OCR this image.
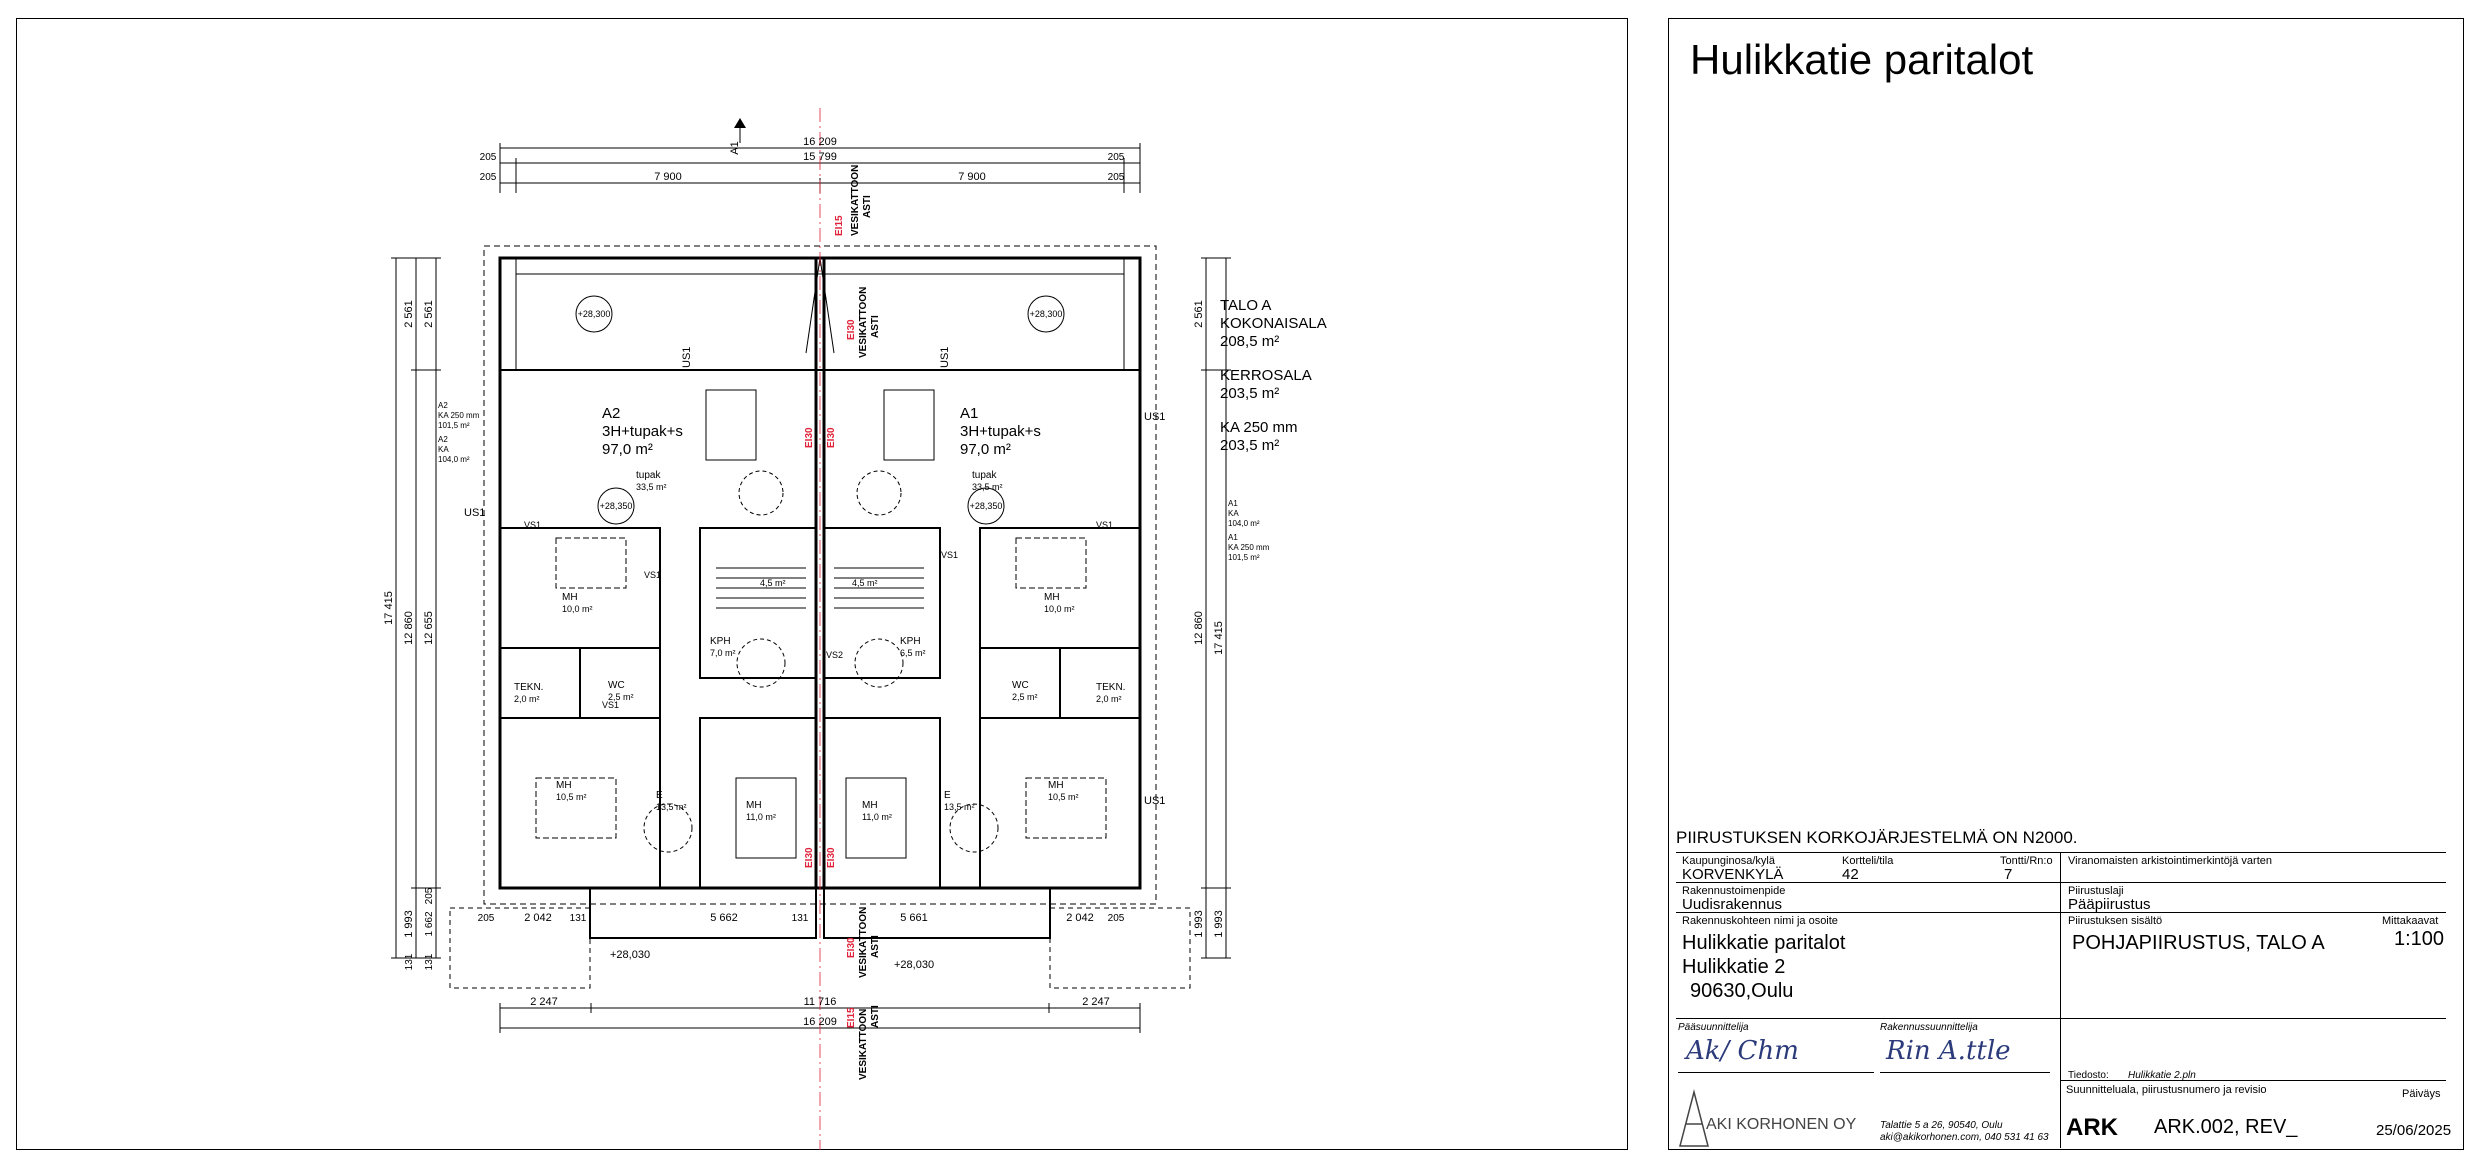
Hulikkatie paritalot
16 209
15 799
7 900	7 900
205	205
205	205
11 716
2 247	2 247
16 209
2 042	5 662	5 661	2 042
131	131
205	205
17 415
12 860 12 655
2 561 2 561
1 993 1 662
205
131
131
17 415
12 860
2 561
1 993 1 993
A1
EI15 VESIKATTOON ASTI
EI30 VESIKATTOON ASTI
EI30 EI30
EI30 EI30
EI30 VESIKATTOON ASTI
EI15 VESIKATTOON ASTI
US1	US1
US1
US1
US1
VS1	VS1
VS1
VS1
VS1
VS2
A2
3H+tupak+s
97,0 m²
A1
3H+tupak+s
97,0 m²
tupak
33,5 m²
tupak
33,5 m²
MH
10,0 m²
MH
10,0 m²
KPH
7,0 m²
KPH
6,5 m²
4,5 m²	4,5 m²
WC
2,5 m²
WC
2,5 m²
TEKN.
2,0 m²
TEKN.
2,0 m²
MH
10,5 m²
MH
10,5 m²
E
13,5 m²
E
13,5 m²
MH
11,0 m²
MH
11,0 m²
+28,300	+28,300
+28,350	+28,350
+28,030
+28,030
TALO A
KOKONAISALA
208,5 m²
KERROSALA
203,5 m²
KA 250 mm
203,5 m²
A2
KA 250 mm
101,5 m²
A2
KA
104,0 m²
A1
KA
104,0 m²
A1
KA 250 mm
101,5 m²
PIIRUSTUKSEN KORKOJÄRJESTELMÄ ON N2000.
Kaupunginosa/kylä
KORVENKYLÄ
Kortteli/tila
42
Tontti/Rn:o
7
Viranomaisten arkistointimerkintöjä varten
Rakennustoimenpide
Uudisrakennus
Piirustuslaji
Pääpiirustus
Rakennuskohteen nimi ja osoite
Hulikkatie paritalot
Hulikkatie 2
90630,Oulu
Piirustuksen sisältö
POHJAPIIRUSTUS, TALO A
Mittakaavat
1:100
Pääsuunnittelija	Rakennussuunnittelija
Ak/ Chm	Rin A.ttle
Tiedosto: Hulikkatie 2.pln
Suunnitteluala, piirustusnumero ja revisio	Päiväys
ARK ARK.002, REV_	25/06/2025
AKI KORHONEN OY Talattie 5 a 26, 90540, Oulu
aki@akikorhonen.com, 040 531 41 63
